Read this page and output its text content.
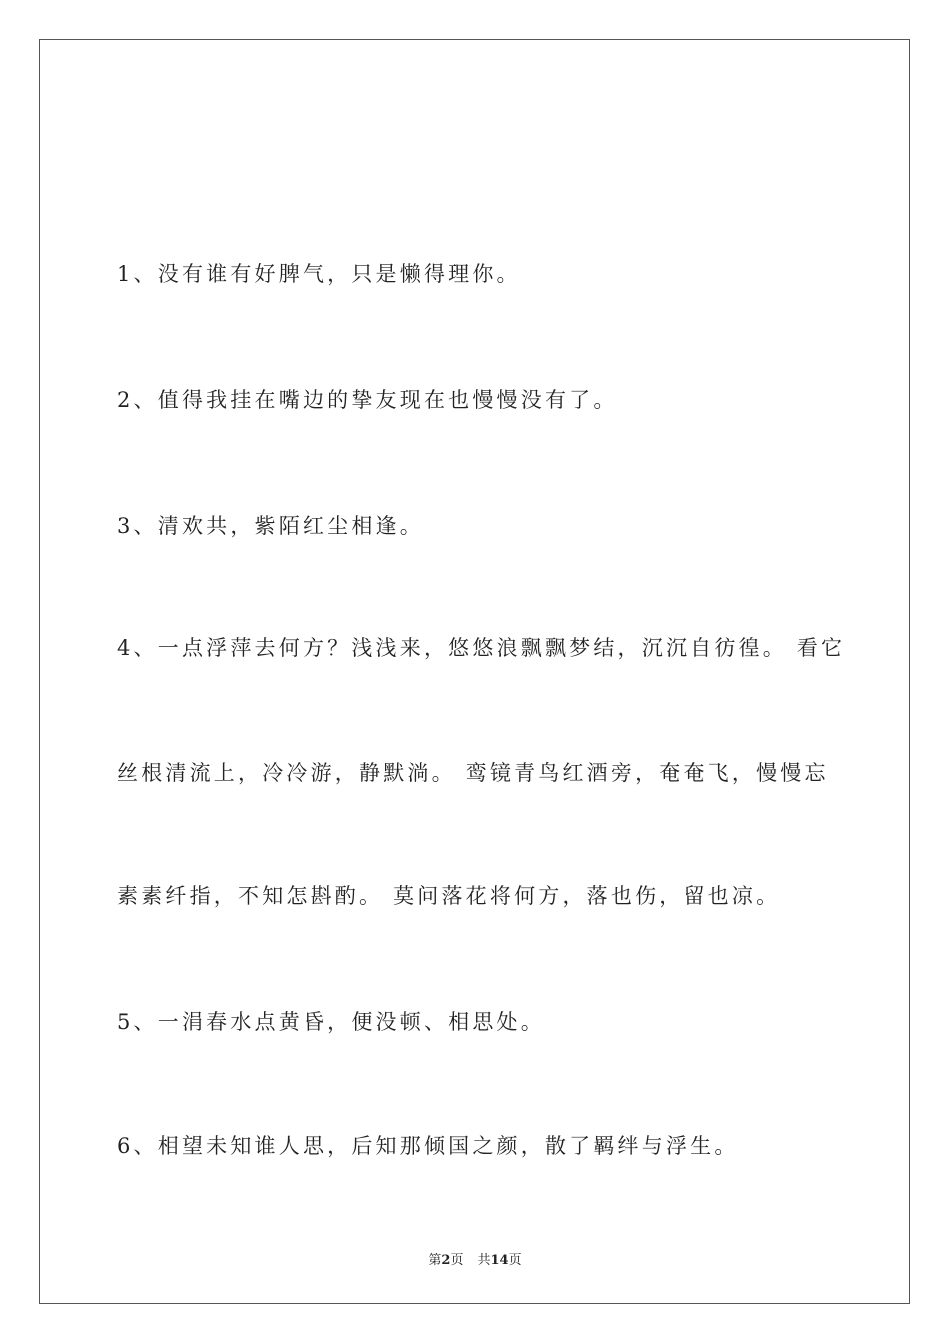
1、没有谁有好脾气，只是懒得理你。
2、值得我挂在嘴边的挚友现在也慢慢没有了。
3、清欢共，紫陌红尘相逢。
4、一点浮萍去何方？浅浅来，悠悠浪飘飘梦结，沉沉自彷徨。 看它
丝根清流上，冷冷游，静默淌。 鸾镜青鸟红酒旁，奄奄飞，慢慢忘
素素纤指，不知怎斟酌。 莫问落花将何方，落也伤，留也凉。
5、一涓春水点黄昏，便没顿、相思处。
6、相望未知谁人思，后知那倾国之颜，散了羁绊与浮生。
第2页 共14页
